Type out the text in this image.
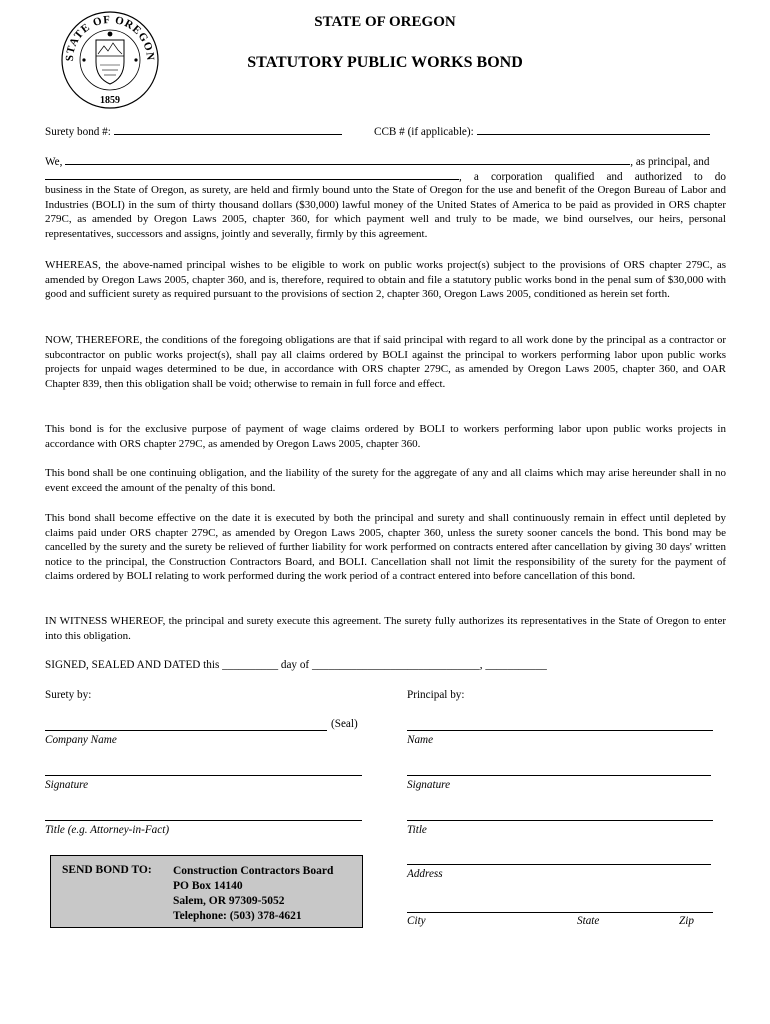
STATE OF OREGON
1859
STATE OF OREGON
STATUTORY PUBLIC WORKS BOND
Surety bond #:	CCB # (if applicable):
We,	, as principal, and
, a corporation qualified and authorized to do

business in the State of Oregon, as surety, are held and firmly bound unto the State of Oregon for the use and benefit of the Oregon Bureau of Labor and Industries (BOLI) in the sum of thirty thousand dollars ($30,000) lawful money of the United States of America to be paid as provided in ORS chapter 279C, as amended by Oregon Laws 2005, chapter 360, for which payment well and truly to be made, we bind ourselves, our heirs, personal representatives, successors and assigns, jointly and severally, firmly by this agreement.

WHEREAS, the above-named principal wishes to be eligible to work on public works project(s) subject to the provisions of ORS chapter 279C, as amended by Oregon Laws 2005, chapter 360, and is, therefore, required to obtain and file a statutory public works bond in the penal sum of $30,000 with good and sufficient surety as required pursuant to the provisions of section 2, chapter 360, Oregon Laws 2005, conditioned as herein set forth.

NOW, THEREFORE, the conditions of the foregoing obligations are that if said principal with regard to all work done by the principal as a contractor or subcontractor on public works project(s), shall pay all claims ordered by BOLI against the principal to workers performing labor upon public works projects for unpaid wages determined to be due, in accordance with ORS chapter 279C, as amended by Oregon Laws 2005, chapter 360, and OAR Chapter 839, then this obligation shall be void; otherwise to remain in full force and effect.

This bond is for the exclusive purpose of payment of wage claims ordered by BOLI to workers performing labor upon public works projects in accordance with ORS chapter 279C, as amended by Oregon Laws 2005, chapter 360.

This bond shall be one continuing obligation, and the liability of the surety for the aggregate of any and all claims which may arise hereunder shall in no event exceed the amount of the penalty of this bond.

This bond shall become effective on the date it is executed by both the principal and surety and shall continuously remain in effect until depleted by claims paid under ORS chapter 279C, as amended by Oregon Laws 2005, chapter 360, unless the surety sooner cancels the bond. This bond may be cancelled by the surety and the surety be relieved of further liability for work performed on contracts entered after cancellation by giving 30 days' written notice to the principal, the Construction Contractors Board, and BOLI. Cancellation shall not limit the responsibility of the surety for the payment of claims ordered by BOLI relating to work performed during the work period of a contract entered into before cancellation of this bond.

IN WITNESS WHEREOF, the principal and surety execute this agreement. The surety fully authorizes its representatives in the State of Oregon to enter into this obligation.

SIGNED, SEALED AND DATED this __________ day of ______________________________, ___________
Surety by:
(Seal)
Company Name
Signature
Title (e.g. Attorney-in-Fact)
Principal by:
Name
Signature
Title
Address
City	State	Zip
SEND BOND TO: Construction Contractors Board
PO Box 14140
Salem, OR 97309-5052
Telephone: (503) 378-4621
